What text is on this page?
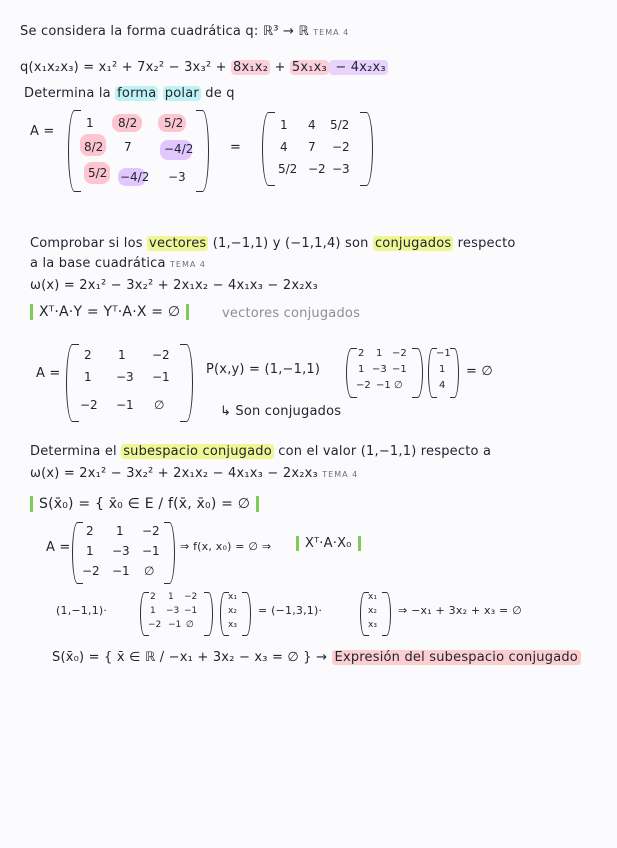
Se considera la forma cuadrática q: ℝ³ → ℝ TEMA 4
q(x₁x₂x₃) = x₁² + 7x₂² − 3x₃² + 8x₁x₂ + 5x₁x₃ − 4x₂x₃
Determina la forma polar de q
A =
1 8/2 5/2
8/2 7	−4/2
5/2 −4/2 −3
=
1 4 5/2
4 7 −2
5/2 −2 −3
Comprobar si los vectores (1,−1,1) y (−1,1,4) son conjugados respecto
a la base cuadrática TEMA 4
ω(x) = 2x₁² − 3x₂² + 2x₁x₂ − 4x₁x₃ − 2x₂x₃
Xᵀ·A·Y = Yᵀ·A·X = ∅	vectores conjugados
A =
2 1 −2
1 −3 −1
−2 −1 ∅
P(x,y) = (1,−1,1)
2 1 −2
1 −3 −1
−2 −1 ∅
−1
1
4
= ∅
↳ Son conjugados
Determina el subespacio conjugado con el valor (1,−1,1) respecto a
ω(x) = 2x₁² − 3x₂² + 2x₁x₂ − 4x₁x₃ − 2x₂x₃ TEMA 4
S(x̄₀) = { x̄₀ ∈ E / f(x̄, x̄₀) = ∅
A =
2 1 −2
1 −3 −1
−2 −1 ∅
⇒ f(x, x₀) = ∅ ⇒	Xᵀ·A·X₀
(1,−1,1)·
2 1 −2
1 −3 −1
−2 −1 ∅
x₁
x₂
x₃
= (−1,3,1)·
x₁
x₂
x₃
⇒ −x₁ + 3x₂ + x₃ = ∅
S(x̄₀) = { x̄ ∈ ℝ / −x₁ + 3x₂ − x₃ = ∅ } → Expresión del subespacio conjugado
